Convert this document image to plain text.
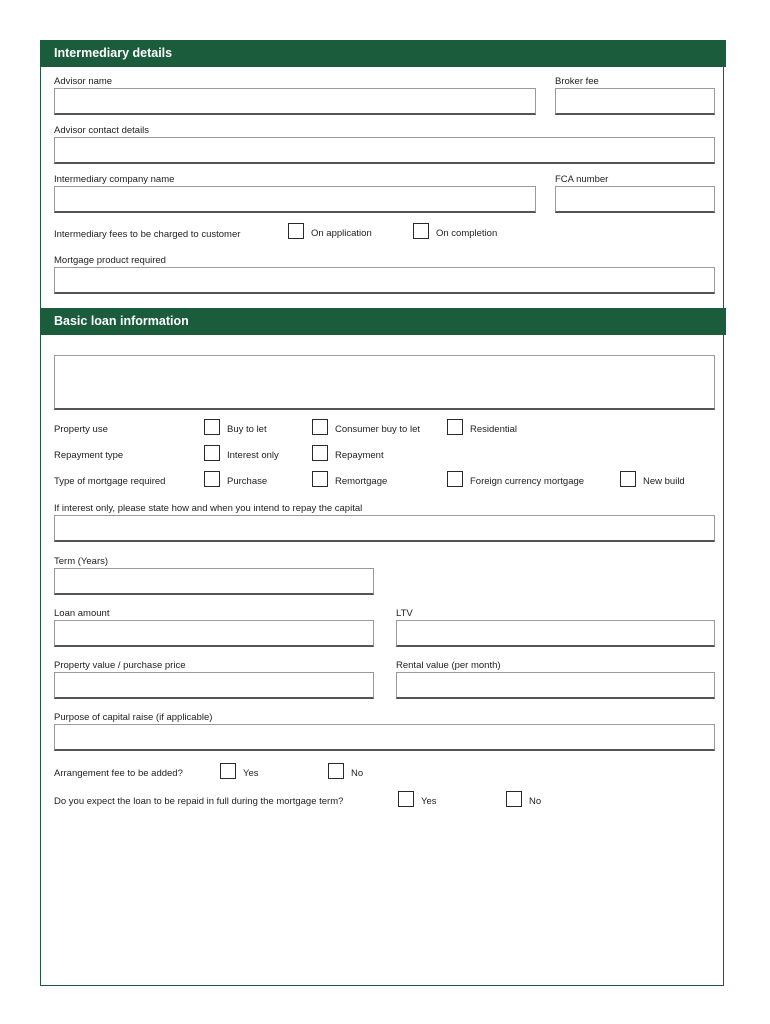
Intermediary details
Advisor name	Broker fee
Advisor contact details
Intermediary company name	FCA number
Intermediary fees to be charged to customer	On application	On completion
Mortgage product required
Basic loan information
Property use	Buy to let	Consumer buy to let	Residential
Repayment type	Interest only	Repayment
Type of mortgage required	Purchase	Remortgage	Foreign currency mortgage	New build
If interest only, please state how and when you intend to repay the capital
Term (Years)
Loan amount	LTV
Property value / purchase price	Rental value (per month)
Purpose of capital raise (if applicable)
Arrangement fee to be added?	Yes	No
Do you expect the loan to be repaid in full during the mortgage term?	Yes	No
